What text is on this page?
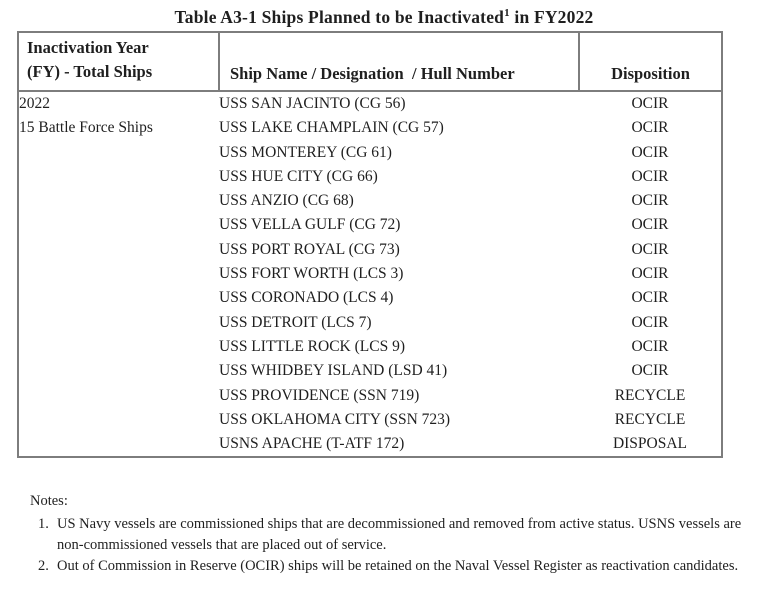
Table A3-1 Ships Planned to be Inactivated$^1$ in FY2022
Inactivation Year
(FY) - Total Ships	Ship Name / Designation  / Hull Number	Disposition
2022	USS SAN JACINTO (CG 56)	OCIR
15 Battle Force Ships	USS LAKE CHAMPLAIN (CG 57)	OCIR
	USS MONTEREY (CG 61)	OCIR
	USS HUE CITY (CG 66)	OCIR
	USS ANZIO (CG 68)	OCIR
	USS VELLA GULF (CG 72)	OCIR
	USS PORT ROYAL (CG 73)	OCIR
	USS FORT WORTH (LCS 3)	OCIR
	USS CORONADO (LCS 4)	OCIR
	USS DETROIT (LCS 7)	OCIR
	USS LITTLE ROCK (LCS 9)	OCIR
	USS WHIDBEY ISLAND (LSD 41)	OCIR
	USS PROVIDENCE (SSN 719)	RECYCLE
	USS OKLAHOMA CITY (SSN 723)	RECYCLE
	USNS APACHE (T-ATF 172)	DISPOSAL
Notes:
1. US Navy vessels are commissioned ships that are decommissioned and removed from active status. USNS vessels are non-commissioned vessels that are placed out of service.
2. Out of Commission in Reserve (OCIR) ships will be retained on the Naval Vessel Register as reactivation candidates.
